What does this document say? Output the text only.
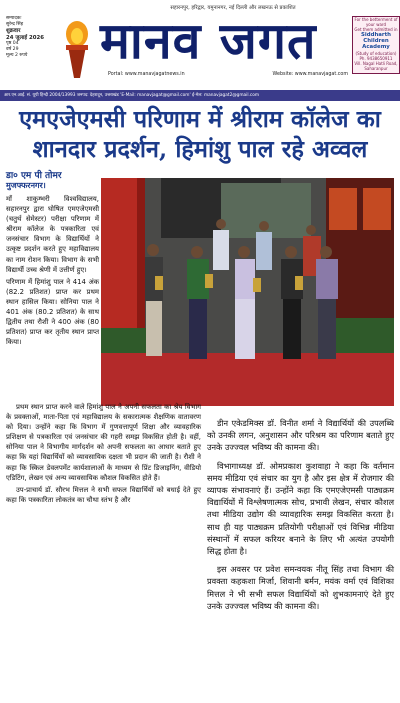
सम्पादकः
सुरेन्द्र सिंह
शुक्रवार
24 जुलाई 2026
पृष्ठ 04
वर्ष 29
मूल्य 2 रुपये
सहारनपुर, हरिद्वार, यमुनानगर, नई दिल्ली और लखनऊ से प्रकाशित
मानव जगत
Portal: www.manavjagatnews.in	Website: www.manavjagat.com
For the betterment of your ward
Get them admitted in
Siddharth Children Academy
(Study of education)
Ph. 9438650911
Vill. Nagal Hatli Road, Saharanpur
आर.एन.आई. सं. यूपी हिन्दी 2004/13993 जनपद: देहरादून, उत्तराखंड 'E-Mail: manavjagat@gmail.com' ई-मेल: manavjagat2@gmail.com
एमएजेएमसी परिणाम में श्रीराम कॉलेज का शानदार प्रदर्शन, हिमांशु पाल रहे अव्वल
डा० एम पी तोमर
मुजफ्फरनगर।

माँ शाकुम्भरी विश्वविद्यालय, सहारनपुर द्वारा घोषित एमएजेएमसी (चतुर्थ सेमेस्टर) परीक्षा परिणाम में श्रीराम कॉलेज के पत्रकारिता एवं जनसंचार विभाग के विद्यार्थियों ने उत्कृष्ट प्रदर्शन करते हुए महाविद्यालय का नाम रोशन किया। विभाग के सभी विद्यार्थी उच्च श्रेणी में उत्तीर्ण हुए।

परिणाम में हिमांशु पाल ने 414 अंक (82.2 प्रतिशत) प्राप्त कर प्रथम स्थान हासिल किया। सोनिया पाल ने 401 अंक (80.2 प्रतिशत) के साथ द्वितीय तथा रौशी ने 400 अंक (80 प्रतिशत) प्राप्त कर तृतीय स्थान प्राप्त किया।

प्रथम स्थान प्राप्त करने वाले हिमांशु पाल ने अपनी सफलता का श्रेय विभाग के प्रवक्ताओं, माता-पिता एवं महाविद्यालय के सकारात्मक शैक्षणिक वातावरण को दिया। उन्होंने कहा कि विभाग में गुणवत्तापूर्ण शिक्षा और व्यावहारिक प्रशिक्षण से पत्रकारिता एवं जनसंचार की गहरी समझ विकसित होती है। वहीं, सोनिया पाल ने विभागीय मार्गदर्शन को अपनी सफलता का आधार बताते हुए कहा कि यहां विद्यार्थियों को व्यावसायिक दक्षता भी प्रदान की जाती है। रौशी ने कहा कि स्किल डेवलपमेंट कार्यशालाओं के माध्यम से प्रिंट डिजाइनिंग, वीडियो एडिटिंग, लेखन एवं अन्य व्यावसायिक कौशल विकसित होते हैं।

उप-प्राचार्य डॉ. सौरभ मित्तल ने सभी सफल विद्यार्थियों को बधाई देते हुए कहा कि पत्रकारिता लोकतंत्र का चौथा स्तंभ है और

डीन एकेडमिक्स डॉ. विनीत शर्मा ने विद्यार्थियों की उपलब्धि को उनकी लगन, अनुशासन और परिश्रम का परिणाम बताते हुए उनके उज्ज्वल भविष्य की कामना की।

विभागाध्यक्ष डॉ. ओमप्रकाश कुशवाहा ने कहा कि वर्तमान समय मीडिया एवं संचार का युग है और इस क्षेत्र में रोजगार की व्यापक संभावनाएं हैं। उन्होंने कहा कि एमएजेएमसी पाठ्यक्रम विद्यार्थियों में विश्लेषणात्मक सोच, प्रभावी लेखन, संचार कौशल तथा मीडिया उद्योग की व्यावहारिक समझ विकसित करता है। साथ ही यह पाठ्यक्रम प्रतियोगी परीक्षाओं एवं विभिन्न मीडिया संस्थानों में सफल करियर बनाने के लिए भी अत्यंत उपयोगी सिद्ध होता है।

इस अवसर पर प्रवेश समन्वयक नीतू सिंह तथा विभाग की प्रवक्ता कहकशा मिर्जा, शिवानी बर्मन, मयंक वर्मा एवं विशिका मित्तल ने भी सभी सफल विद्यार्थियों को शुभकामनाएं देते हुए उनके उज्ज्वल भविष्य की कामना की।
